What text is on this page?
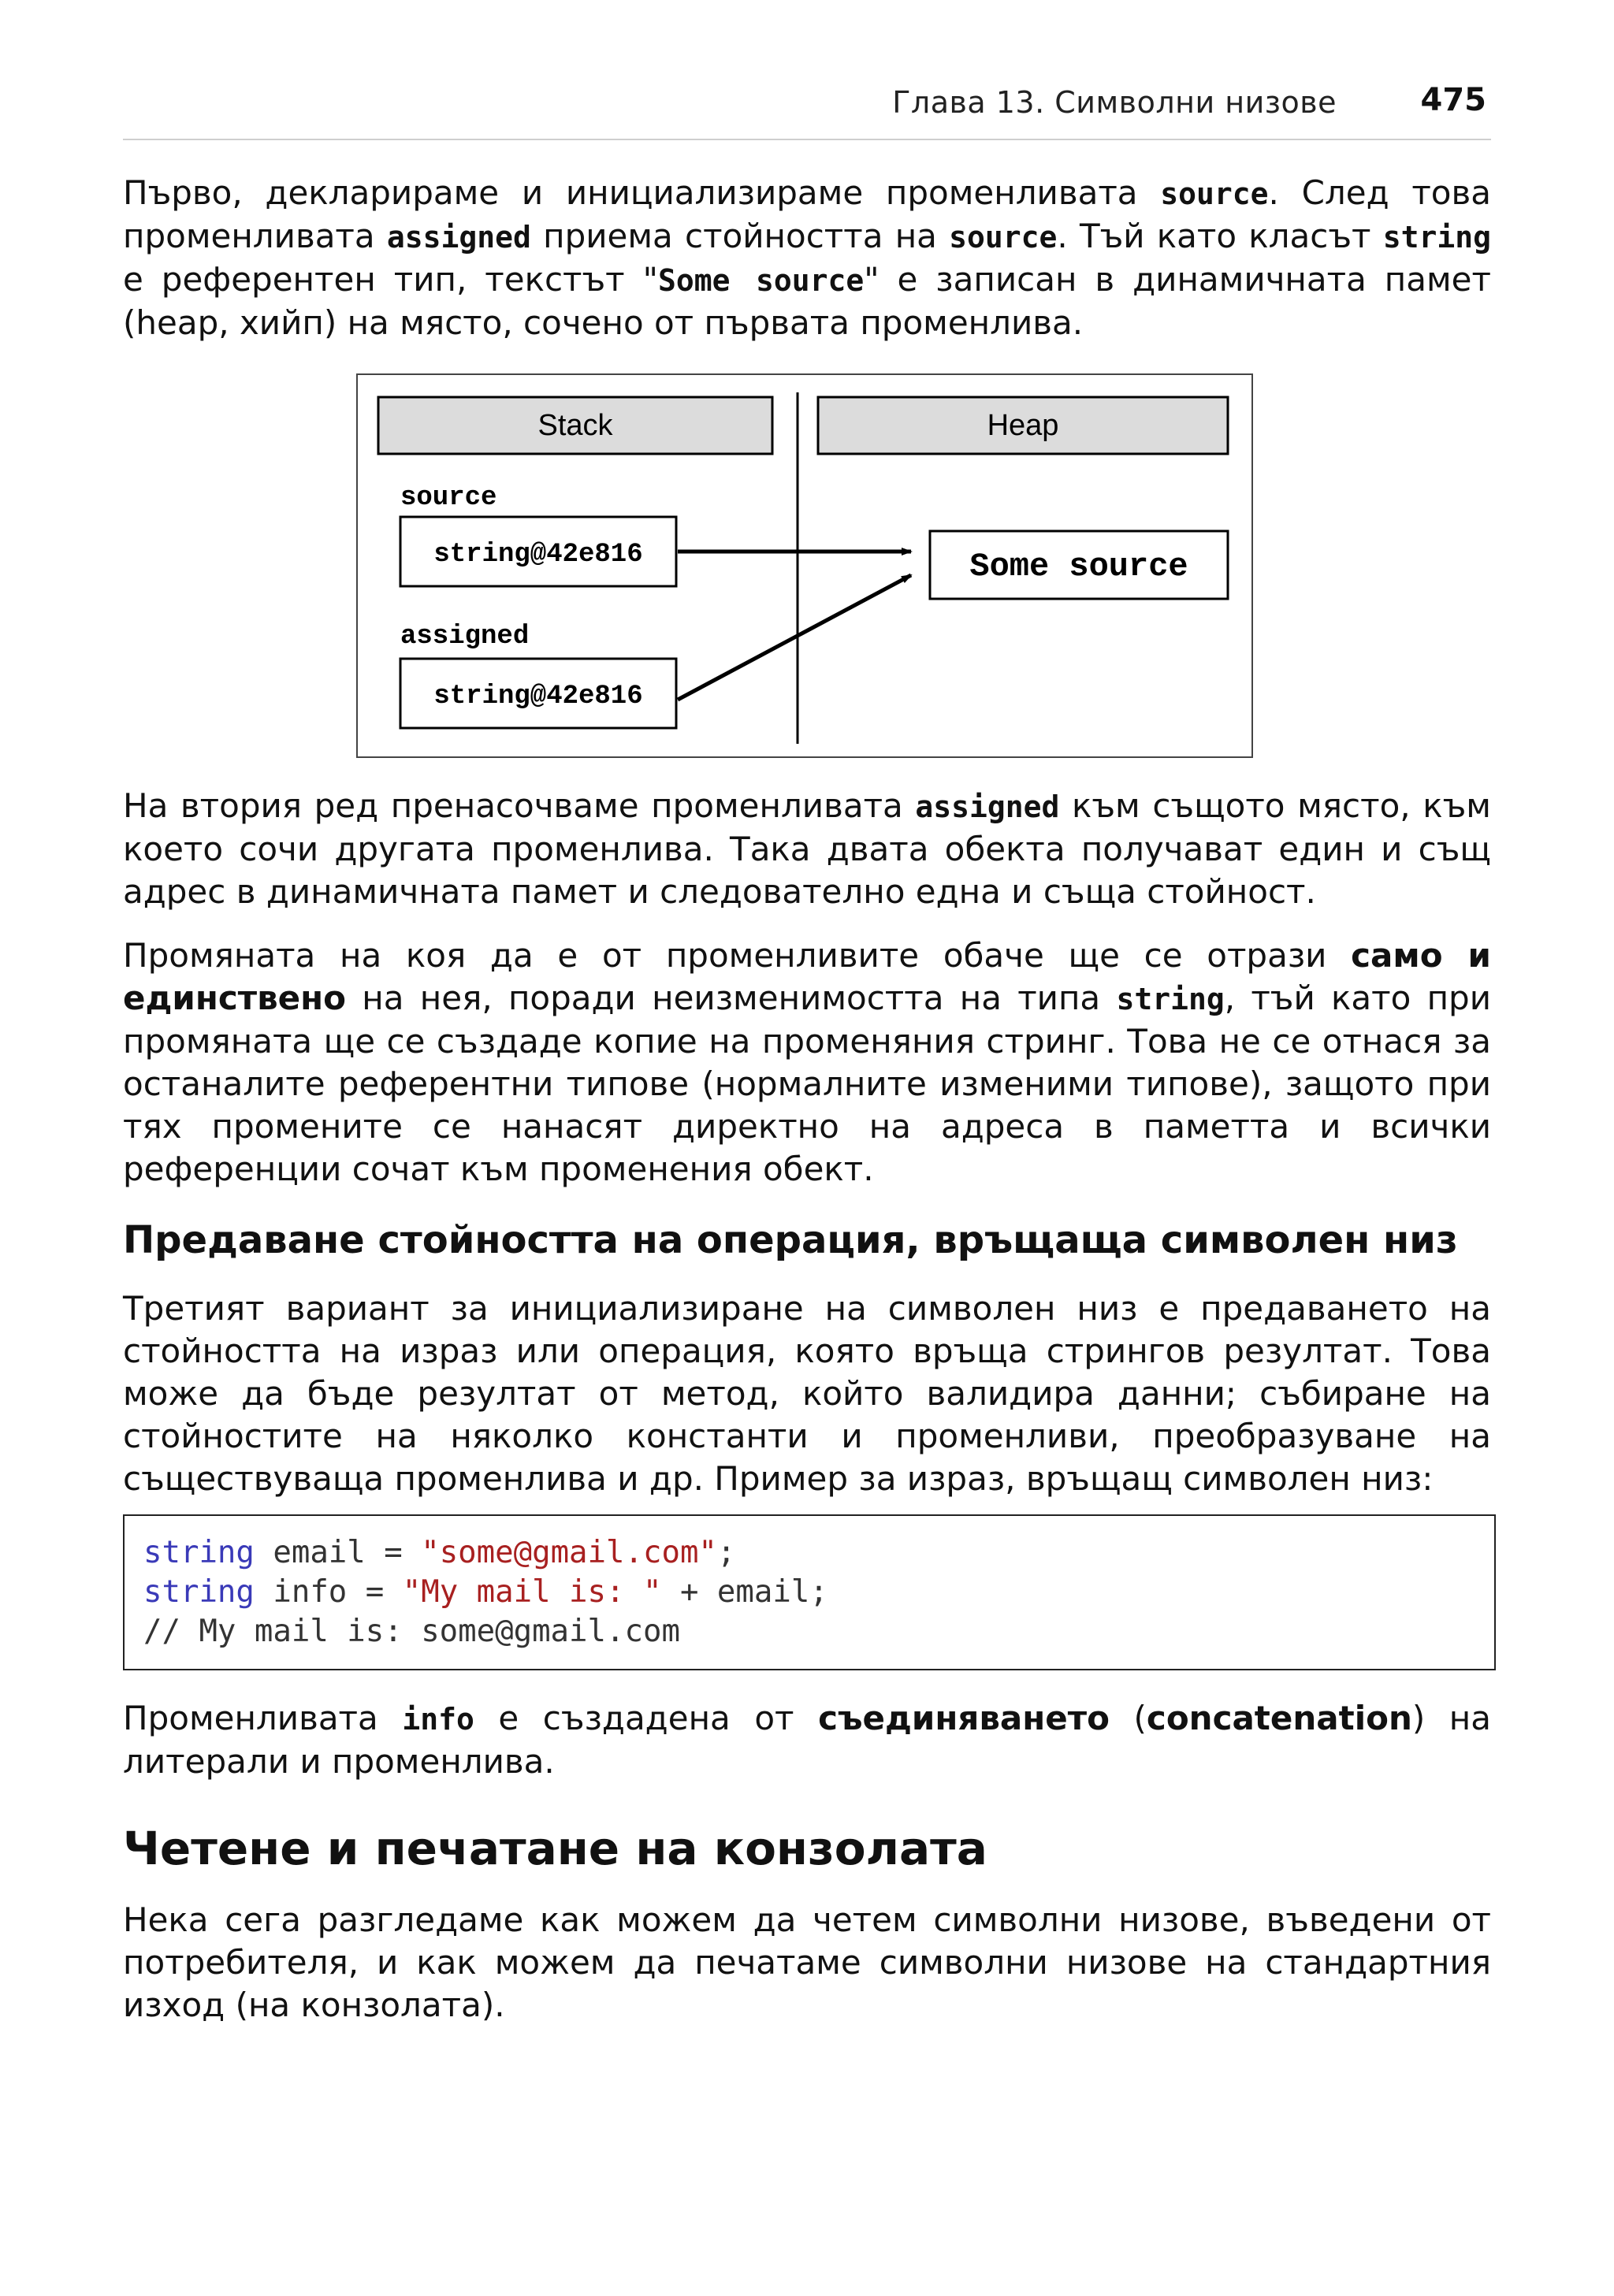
Глава 13. Символни низове	475

Първо, декларираме и инициализираме променливата source. След това променливата assigned приема стойността на source. Тъй като класът string е референтен тип, текстът "Some source" е записан в динамичната памет (heap, хийп) на място, сочено от първата променлива.

Stack	Heap
source
string@42e816
assigned
string@42e816
Some source

На втория ред пренасочваме променливата assigned към същото място, към което сочи другата променлива. Така двата обекта получават един и същ адрес в динамичната памет и следователно една и съща стойност.

Промяната на коя да е от променливите обаче ще се отрази само и единствено на нея, поради неизменимостта на типа string, тъй като при промяната ще се създаде копие на променяния стринг. Това не се отнася за останалите референтни типове (нормалните изменими типове), защото при тях промените се нанасят директно на адреса в паметта и всички референции сочат към променения обект.

Предаване стойността на операция, връщаща символен низ

Третият вариант за инициализиране на символен низ е предаването на стойността на израз или операция, която връща стрингов резултат. Това може да бъде резултат от метод, който валидира данни; събиране на стойностите на няколко константи и променливи, преобразуване на съществуваща променлива и др. Пример за израз, връщащ символен низ:

string email = "some@gmail.com";
string info = "My mail is: " + email;
// My mail is: some@gmail.com

Променливата info е създадена от съединяването (concatenation) на литерали и променлива.

Четене и печатане на конзолата

Нека сега разгледаме как можем да четем символни низове, въведени от потребителя, и как можем да печатаме символни низове на стандартния изход (на конзолата).
